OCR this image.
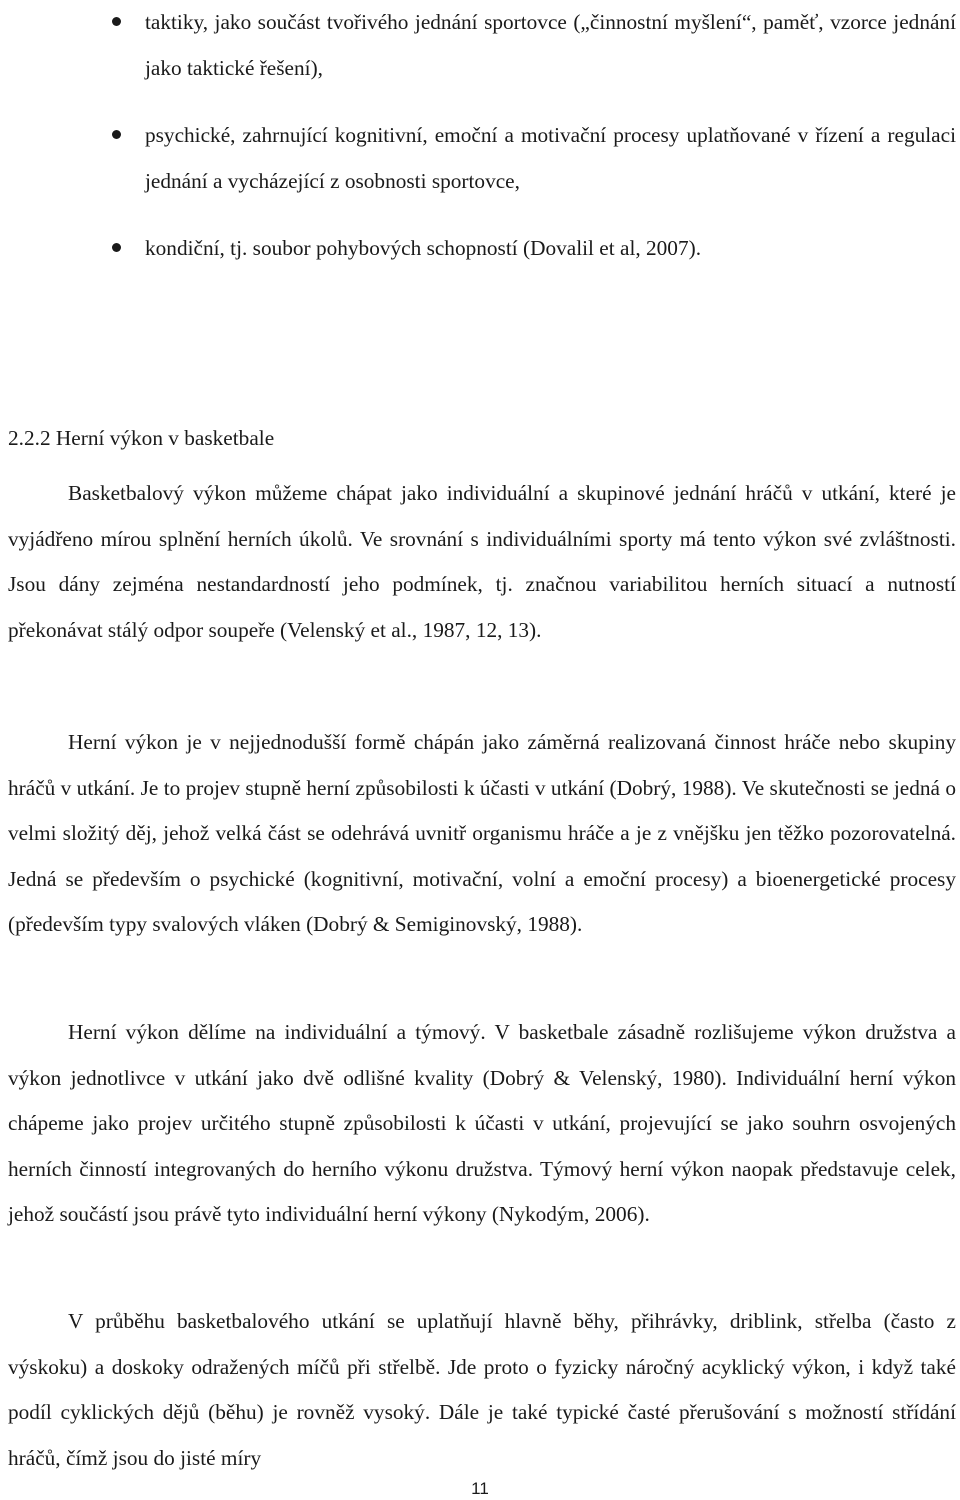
taktiky, jako součást tvořivého jednání sportovce („činnostní myšlení“, paměť, vzorce jednání jako taktické řešení),
psychické, zahrnující kognitivní, emoční a motivační procesy uplatňované v řízení a regulaci jednání a vycházející z osobnosti sportovce,
kondiční, tj. soubor pohybových schopností (Dovalil et al, 2007).
2.2.2 Herní výkon v basketbale

Basketbalový výkon můžeme chápat jako individuální a skupinové jednání hráčů v utkání, které je vyjádřeno mírou splnění herních úkolů. Ve srovnání s individuálními sporty má tento výkon své zvláštnosti. Jsou dány zejména nestandardností jeho podmínek, tj. značnou variabilitou herních situací a nutností překonávat stálý odpor soupeře (Velenský et al., 1987, 12, 13).

Herní výkon je v nejjednodušší formě chápán jako záměrná realizovaná činnost hráče nebo skupiny hráčů v utkání. Je to projev stupně herní způsobilosti k účasti v utkání (Dobrý, 1988). Ve skutečnosti se jedná o velmi složitý děj, jehož velká část se odehrává uvnitř organismu hráče a je z vnějšku jen těžko pozorovatelná. Jedná se především o psychické (kognitivní, motivační, volní a emoční procesy) a bioenergetické procesy (především typy svalových vláken (Dobrý & Semiginovský, 1988).

Herní výkon dělíme na individuální a týmový. V basketbale zásadně rozlišujeme výkon družstva a výkon jednotlivce v utkání jako dvě odlišné kvality (Dobrý & Velenský, 1980). Individuální herní výkon chápeme jako projev určitého stupně způsobilosti k účasti v utkání, projevující se jako souhrn osvojených herních činností integrovaných do herního výkonu družstva. Týmový herní výkon naopak představuje celek, jehož součástí jsou právě tyto individuální herní výkony (Nykodým, 2006).

V průběhu basketbalového utkání se uplatňují hlavně běhy, přihrávky, driblink, střelba (často z výskoku) a doskoky odražených míčů při střelbě. Jde proto o fyzicky náročný acyklický výkon, i když také podíl cyklických dějů (běhu) je rovněž vysoký. Dále je také typické časté přerušování s možností střídání hráčů, čímž jsou do jisté míry

11
